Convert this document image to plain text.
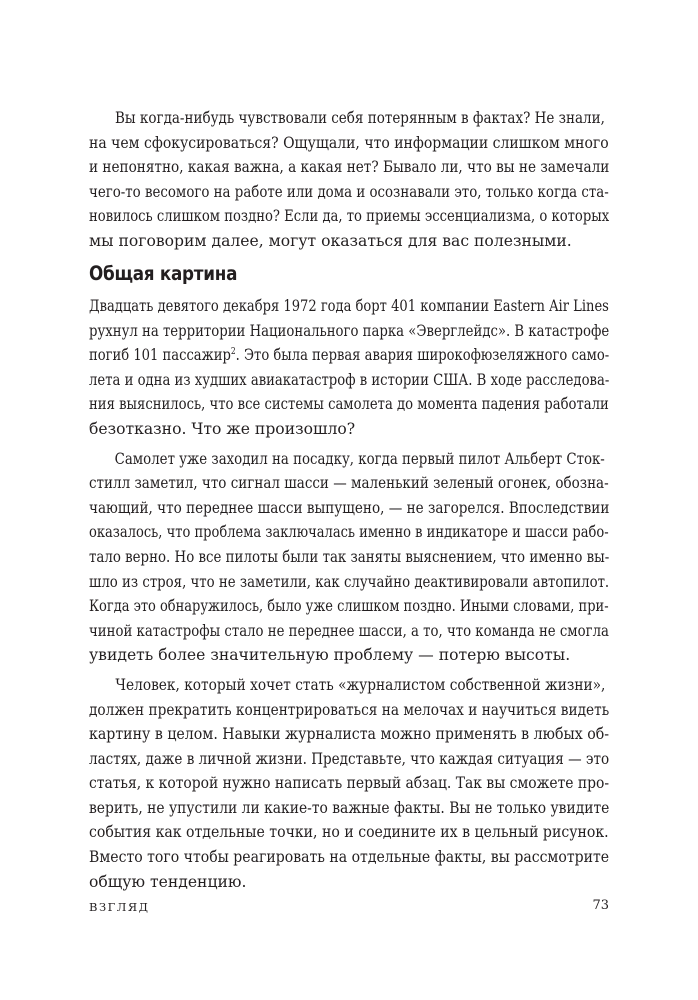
Вы когда-нибудь чувствовали себя потерянным в фактах? Не знали,
на чем сфокусироваться? Ощущали, что информации слишком много
и непонятно, какая важна, а какая нет? Бывало ли, что вы не замечали
чего-то весомого на работе или дома и осознавали это, только когда ста-
новилось слишком поздно? Если да, то приемы эссенциализма, о которых
мы поговорим далее, могут оказаться для вас полезными.
Общая картина
Двадцать девятого декабря 1972 года борт 401 компании Eastern Air Lines
рухнул на территории Национального парка «Эверглейдс». В катастрофе
погиб 101 пассажир$^2$. Это была первая авария широкофюзеляжного само-
лета и одна из худших авиакатастроф в истории США. В ходе расследова-
ния выяснилось, что все системы самолета до момента падения работали
безотказно. Что же произошло?
Самолет уже заходил на посадку, когда первый пилот Альберт Сток-
стилл заметил, что сигнал шасси — маленький зеленый огонек, обозна-
чающий, что переднее шасси выпущено, — не загорелся. Впоследствии
оказалось, что проблема заключалась именно в индикаторе и шасси рабо-
тало верно. Но все пилоты были так заняты выяснением, что именно вы-
шло из строя, что не заметили, как случайно деактивировали автопилот.
Когда это обнаружилось, было уже слишком поздно. Иными словами, при-
чиной катастрофы стало не переднее шасси, а то, что команда не смогла
увидеть более значительную проблему — потерю высоты.
Человек, который хочет стать «журналистом собственной жизни»,
должен прекратить концентрироваться на мелочах и научиться видеть
картину в целом. Навыки журналиста можно применять в любых об-
ластях, даже в личной жизни. Представьте, что каждая ситуация — это
статья, к которой нужно написать первый абзац. Так вы сможете про-
верить, не упустили ли какие-то важные факты. Вы не только увидите
события как отдельные точки, но и соедините их в цельный рисунок.
Вместо того чтобы реагировать на отдельные факты, вы рассмотрите
общую тенденцию.
ВЗГЛЯД	73
